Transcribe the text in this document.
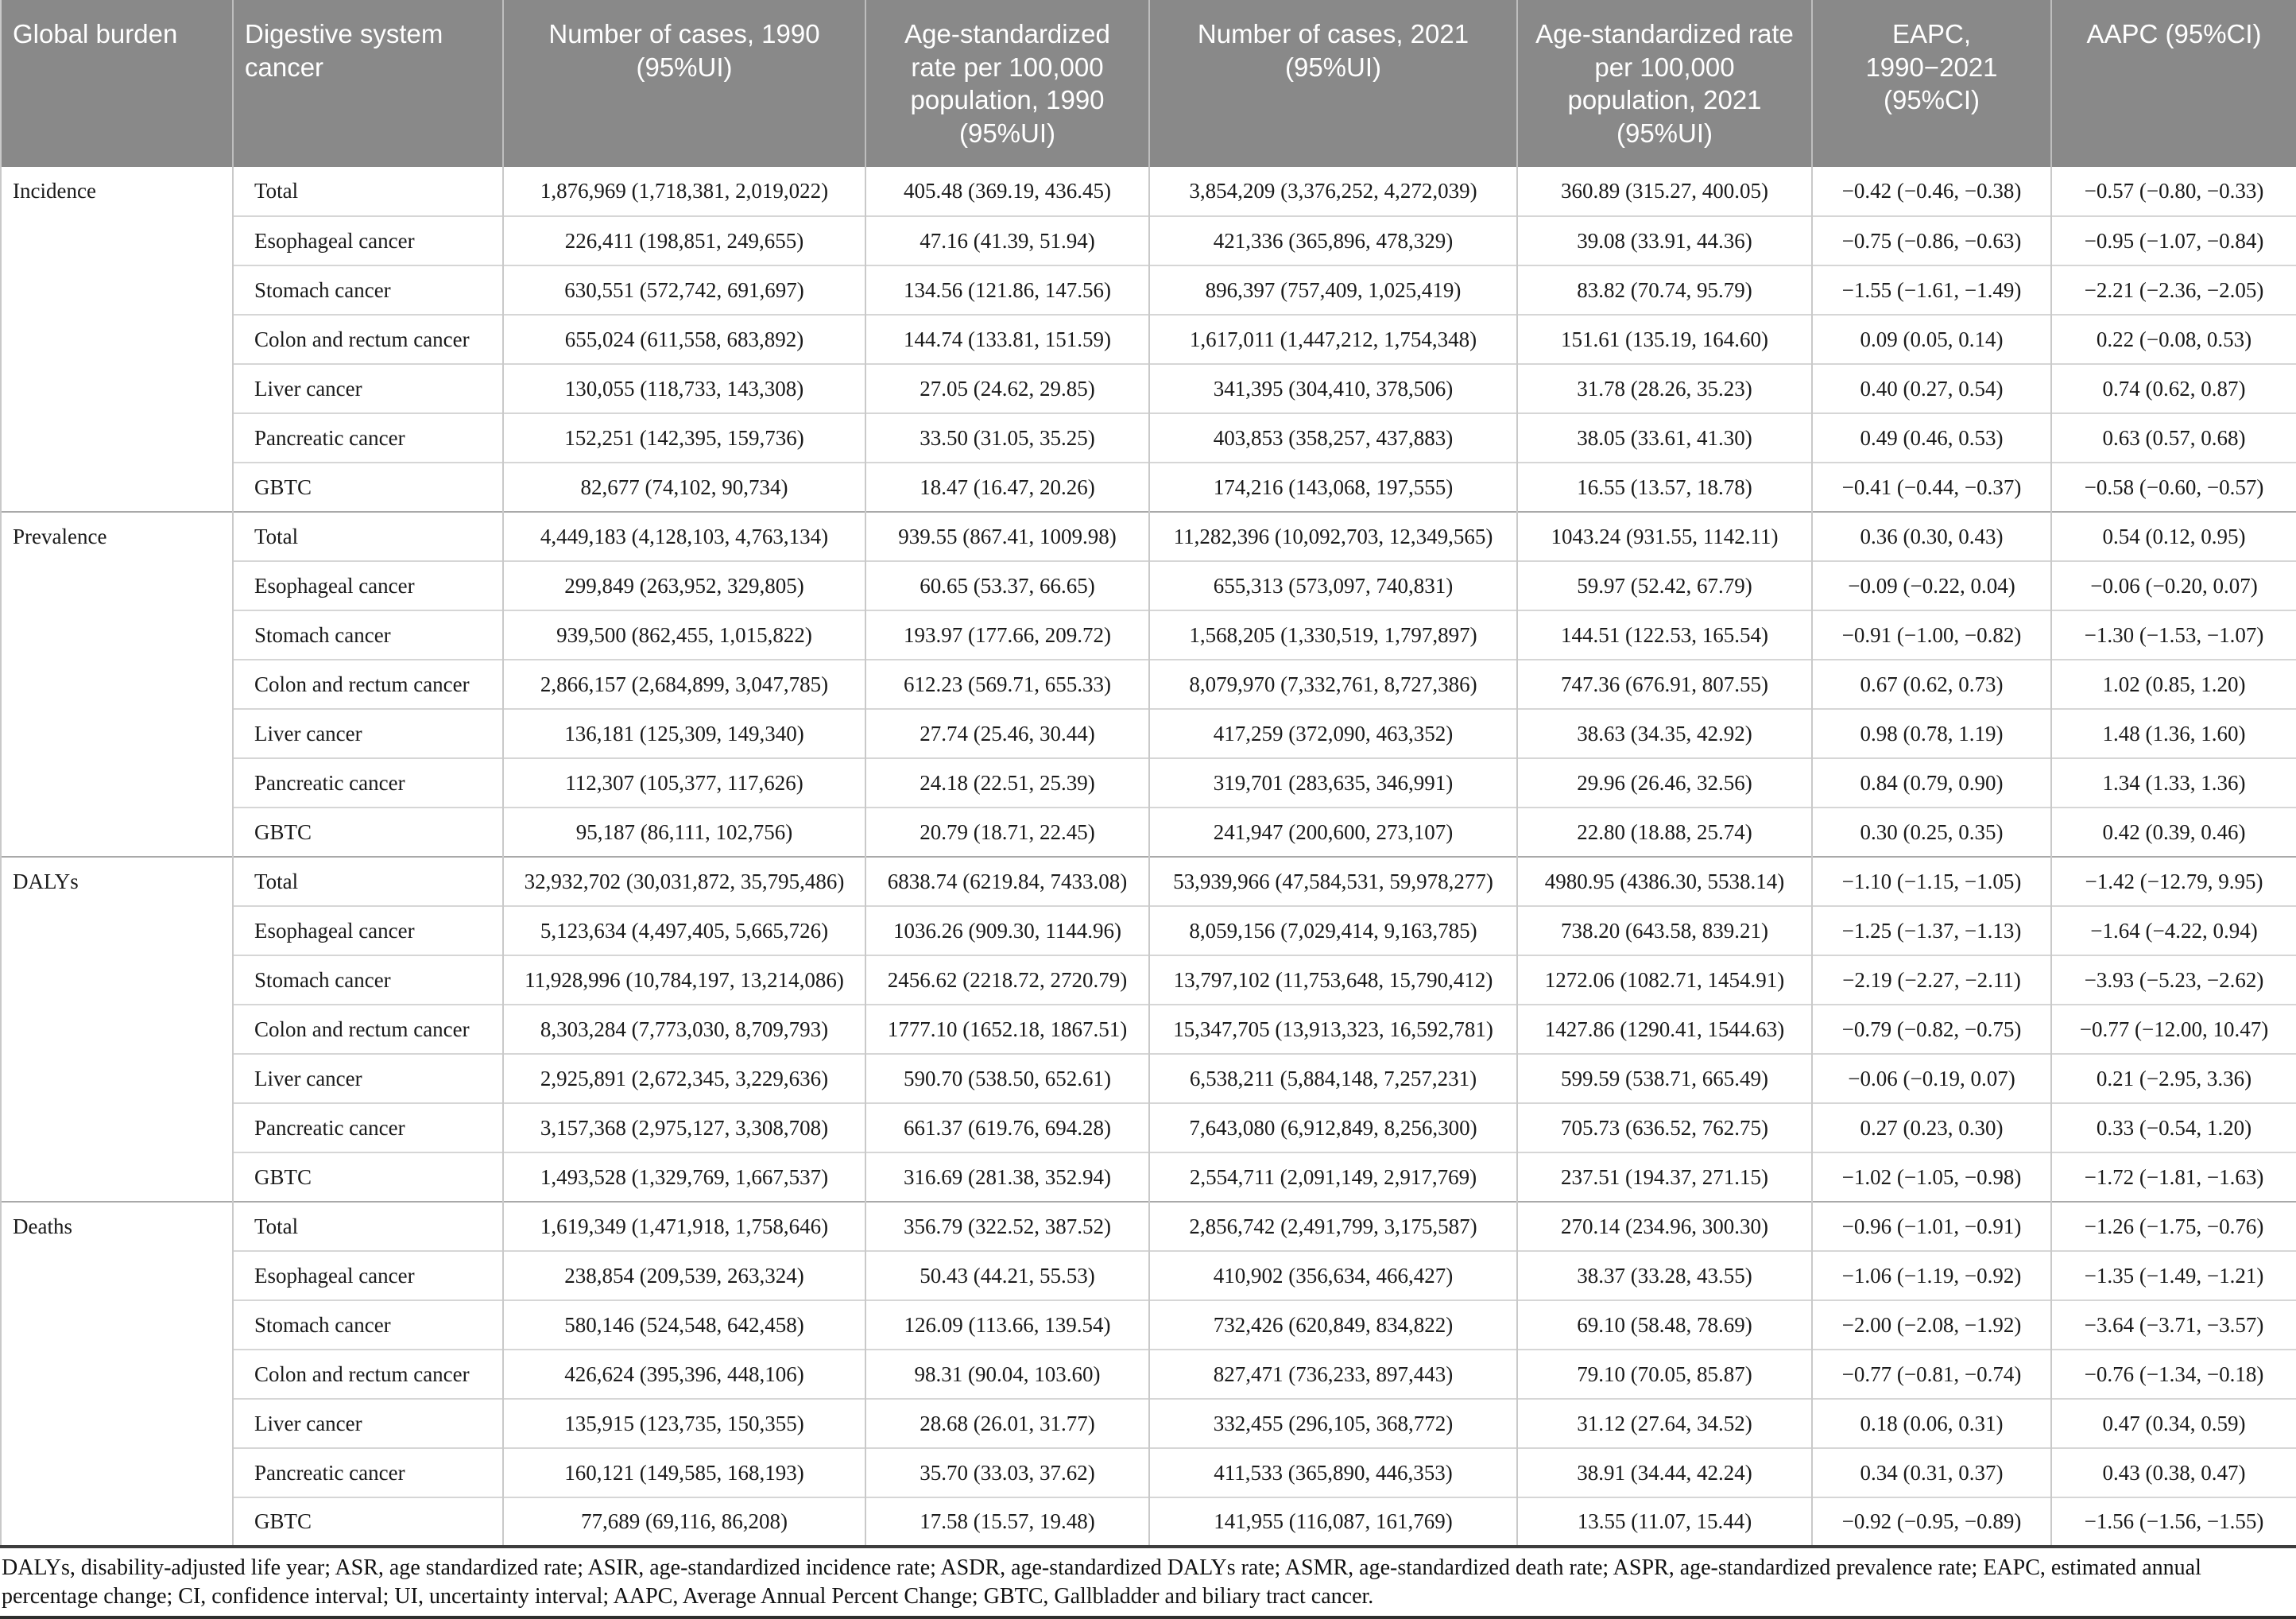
Global burden	Digestive system cancer	Number of cases, 1990 (95%UI)	Age-standardized rate per 100,000 population, 1990 (95%UI)	Number of cases, 2021 (95%UI)	Age-standardized rate per 100,000 population, 2021 (95%UI)	EAPC, 1990−2021 (95%CI)	AAPC (95%CI)
Incidence	Total	1,876,969 (1,718,381, 2,019,022)	405.48 (369.19, 436.45)	3,854,209 (3,376,252, 4,272,039)	360.89 (315.27, 400.05)	−0.42 (−0.46, −0.38)	−0.57 (−0.80, −0.33)
	Esophageal cancer	226,411 (198,851, 249,655)	47.16 (41.39, 51.94)	421,336 (365,896, 478,329)	39.08 (33.91, 44.36)	−0.75 (−0.86, −0.63)	−0.95 (−1.07, −0.84)
	Stomach cancer	630,551 (572,742, 691,697)	134.56 (121.86, 147.56)	896,397 (757,409, 1,025,419)	83.82 (70.74, 95.79)	−1.55 (−1.61, −1.49)	−2.21 (−2.36, −2.05)
	Colon and rectum cancer	655,024 (611,558, 683,892)	144.74 (133.81, 151.59)	1,617,011 (1,447,212, 1,754,348)	151.61 (135.19, 164.60)	0.09 (0.05, 0.14)	0.22 (−0.08, 0.53)
	Liver cancer	130,055 (118,733, 143,308)	27.05 (24.62, 29.85)	341,395 (304,410, 378,506)	31.78 (28.26, 35.23)	0.40 (0.27, 0.54)	0.74 (0.62, 0.87)
	Pancreatic cancer	152,251 (142,395, 159,736)	33.50 (31.05, 35.25)	403,853 (358,257, 437,883)	38.05 (33.61, 41.30)	0.49 (0.46, 0.53)	0.63 (0.57, 0.68)
	GBTC	82,677 (74,102, 90,734)	18.47 (16.47, 20.26)	174,216 (143,068, 197,555)	16.55 (13.57, 18.78)	−0.41 (−0.44, −0.37)	−0.58 (−0.60, −0.57)
Prevalence	Total	4,449,183 (4,128,103, 4,763,134)	939.55 (867.41, 1009.98)	11,282,396 (10,092,703, 12,349,565)	1043.24 (931.55, 1142.11)	0.36 (0.30, 0.43)	0.54 (0.12, 0.95)
	Esophageal cancer	299,849 (263,952, 329,805)	60.65 (53.37, 66.65)	655,313 (573,097, 740,831)	59.97 (52.42, 67.79)	−0.09 (−0.22, 0.04)	−0.06 (−0.20, 0.07)
	Stomach cancer	939,500 (862,455, 1,015,822)	193.97 (177.66, 209.72)	1,568,205 (1,330,519, 1,797,897)	144.51 (122.53, 165.54)	−0.91 (−1.00, −0.82)	−1.30 (−1.53, −1.07)
	Colon and rectum cancer	2,866,157 (2,684,899, 3,047,785)	612.23 (569.71, 655.33)	8,079,970 (7,332,761, 8,727,386)	747.36 (676.91, 807.55)	0.67 (0.62, 0.73)	1.02 (0.85, 1.20)
	Liver cancer	136,181 (125,309, 149,340)	27.74 (25.46, 30.44)	417,259 (372,090, 463,352)	38.63 (34.35, 42.92)	0.98 (0.78, 1.19)	1.48 (1.36, 1.60)
	Pancreatic cancer	112,307 (105,377, 117,626)	24.18 (22.51, 25.39)	319,701 (283,635, 346,991)	29.96 (26.46, 32.56)	0.84 (0.79, 0.90)	1.34 (1.33, 1.36)
	GBTC	95,187 (86,111, 102,756)	20.79 (18.71, 22.45)	241,947 (200,600, 273,107)	22.80 (18.88, 25.74)	0.30 (0.25, 0.35)	0.42 (0.39, 0.46)
DALYs	Total	32,932,702 (30,031,872, 35,795,486)	6838.74 (6219.84, 7433.08)	53,939,966 (47,584,531, 59,978,277)	4980.95 (4386.30, 5538.14)	−1.10 (−1.15, −1.05)	−1.42 (−12.79, 9.95)
	Esophageal cancer	5,123,634 (4,497,405, 5,665,726)	1036.26 (909.30, 1144.96)	8,059,156 (7,029,414, 9,163,785)	738.20 (643.58, 839.21)	−1.25 (−1.37, −1.13)	−1.64 (−4.22, 0.94)
	Stomach cancer	11,928,996 (10,784,197, 13,214,086)	2456.62 (2218.72, 2720.79)	13,797,102 (11,753,648, 15,790,412)	1272.06 (1082.71, 1454.91)	−2.19 (−2.27, −2.11)	−3.93 (−5.23, −2.62)
	Colon and rectum cancer	8,303,284 (7,773,030, 8,709,793)	1777.10 (1652.18, 1867.51)	15,347,705 (13,913,323, 16,592,781)	1427.86 (1290.41, 1544.63)	−0.79 (−0.82, −0.75)	−0.77 (−12.00, 10.47)
	Liver cancer	2,925,891 (2,672,345, 3,229,636)	590.70 (538.50, 652.61)	6,538,211 (5,884,148, 7,257,231)	599.59 (538.71, 665.49)	−0.06 (−0.19, 0.07)	0.21 (−2.95, 3.36)
	Pancreatic cancer	3,157,368 (2,975,127, 3,308,708)	661.37 (619.76, 694.28)	7,643,080 (6,912,849, 8,256,300)	705.73 (636.52, 762.75)	0.27 (0.23, 0.30)	0.33 (−0.54, 1.20)
	GBTC	1,493,528 (1,329,769, 1,667,537)	316.69 (281.38, 352.94)	2,554,711 (2,091,149, 2,917,769)	237.51 (194.37, 271.15)	−1.02 (−1.05, −0.98)	−1.72 (−1.81, −1.63)
Deaths	Total	1,619,349 (1,471,918, 1,758,646)	356.79 (322.52, 387.52)	2,856,742 (2,491,799, 3,175,587)	270.14 (234.96, 300.30)	−0.96 (−1.01, −0.91)	−1.26 (−1.75, −0.76)
	Esophageal cancer	238,854 (209,539, 263,324)	50.43 (44.21, 55.53)	410,902 (356,634, 466,427)	38.37 (33.28, 43.55)	−1.06 (−1.19, −0.92)	−1.35 (−1.49, −1.21)
	Stomach cancer	580,146 (524,548, 642,458)	126.09 (113.66, 139.54)	732,426 (620,849, 834,822)	69.10 (58.48, 78.69)	−2.00 (−2.08, −1.92)	−3.64 (−3.71, −3.57)
	Colon and rectum cancer	426,624 (395,396, 448,106)	98.31 (90.04, 103.60)	827,471 (736,233, 897,443)	79.10 (70.05, 85.87)	−0.77 (−0.81, −0.74)	−0.76 (−1.34, −0.18)
	Liver cancer	135,915 (123,735, 150,355)	28.68 (26.01, 31.77)	332,455 (296,105, 368,772)	31.12 (27.64, 34.52)	0.18 (0.06, 0.31)	0.47 (0.34, 0.59)
	Pancreatic cancer	160,121 (149,585, 168,193)	35.70 (33.03, 37.62)	411,533 (365,890, 446,353)	38.91 (34.44, 42.24)	0.34 (0.31, 0.37)	0.43 (0.38, 0.47)
	GBTC	77,689 (69,116, 86,208)	17.58 (15.57, 19.48)	141,955 (116,087, 161,769)	13.55 (11.07, 15.44)	−0.92 (−0.95, −0.89)	−1.56 (−1.56, −1.55)
DALYs, disability-adjusted life year; ASR, age standardized rate; ASIR, age-standardized incidence rate; ASDR, age-standardized DALYs rate; ASMR, age-standardized death rate; ASPR, age-standardized prevalence rate; EAPC, estimated annual percentage change; CI, confidence interval; UI, uncertainty interval; AAPC, Average Annual Percent Change; GBTC, Gallbladder and biliary tract cancer.
